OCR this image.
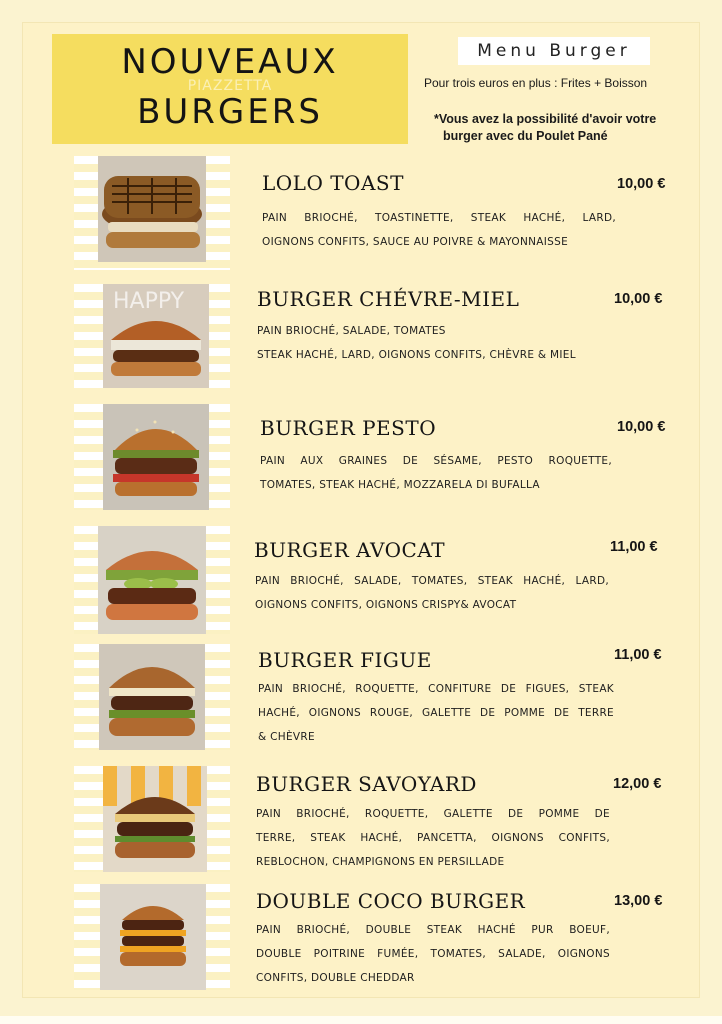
NOUVEAUX
PIAZZETTA
BURGERS
Menu Burger
Pour trois euros en plus : Frites + Boisson
*Vous avez la possibilité d'avoir votre
burger avec du Poulet Pané
LOLO TOAST	10,00 €
PAIN BRIOCHÉ, TOASTINETTE, STEAK HACHÉ, LARD,
OIGNONS CONFITS, SAUCE AU POIVRE & MAYONNAISSE
HAPPY	BURGER CHÉVRE-MIEL	10,00 €
PAIN BRIOCHÉ, SALADE, TOMATES
STEAK HACHÉ, LARD, OIGNONS CONFITS, CHÈVRE & MIEL
BURGER PESTO	10,00 €
PAIN AUX GRAINES DE SÉSAME, PESTO ROQUETTE,
TOMATES, STEAK HACHÉ, MOZZARELA DI BUFALLA
BURGER AVOCAT	11,00 €
PAIN BRIOCHÉ, SALADE, TOMATES, STEAK HACHÉ, LARD,
OIGNONS CONFITS, OIGNONS CRISPY& AVOCAT
BURGER FIGUE	11,00 €
PAIN BRIOCHÉ, ROQUETTE, CONFITURE DE FIGUES, STEAK
HACHÉ, OIGNONS ROUGE, GALETTE DE POMME DE TERRE
& CHÈVRE
BURGER SAVOYARD	12,00 €
PAIN BRIOCHÉ, ROQUETTE, GALETTE DE POMME DE
TERRE, STEAK HACHÉ, PANCETTA, OIGNONS CONFITS,
REBLOCHON, CHAMPIGNONS EN PERSILLADE
DOUBLE COCO BURGER	13,00 €
PAIN BRIOCHÉ, DOUBLE STEAK HACHÉ PUR BOEUF,
DOUBLE POITRINE FUMÉE, TOMATES, SALADE, OIGNONS
CONFITS, DOUBLE CHEDDAR
